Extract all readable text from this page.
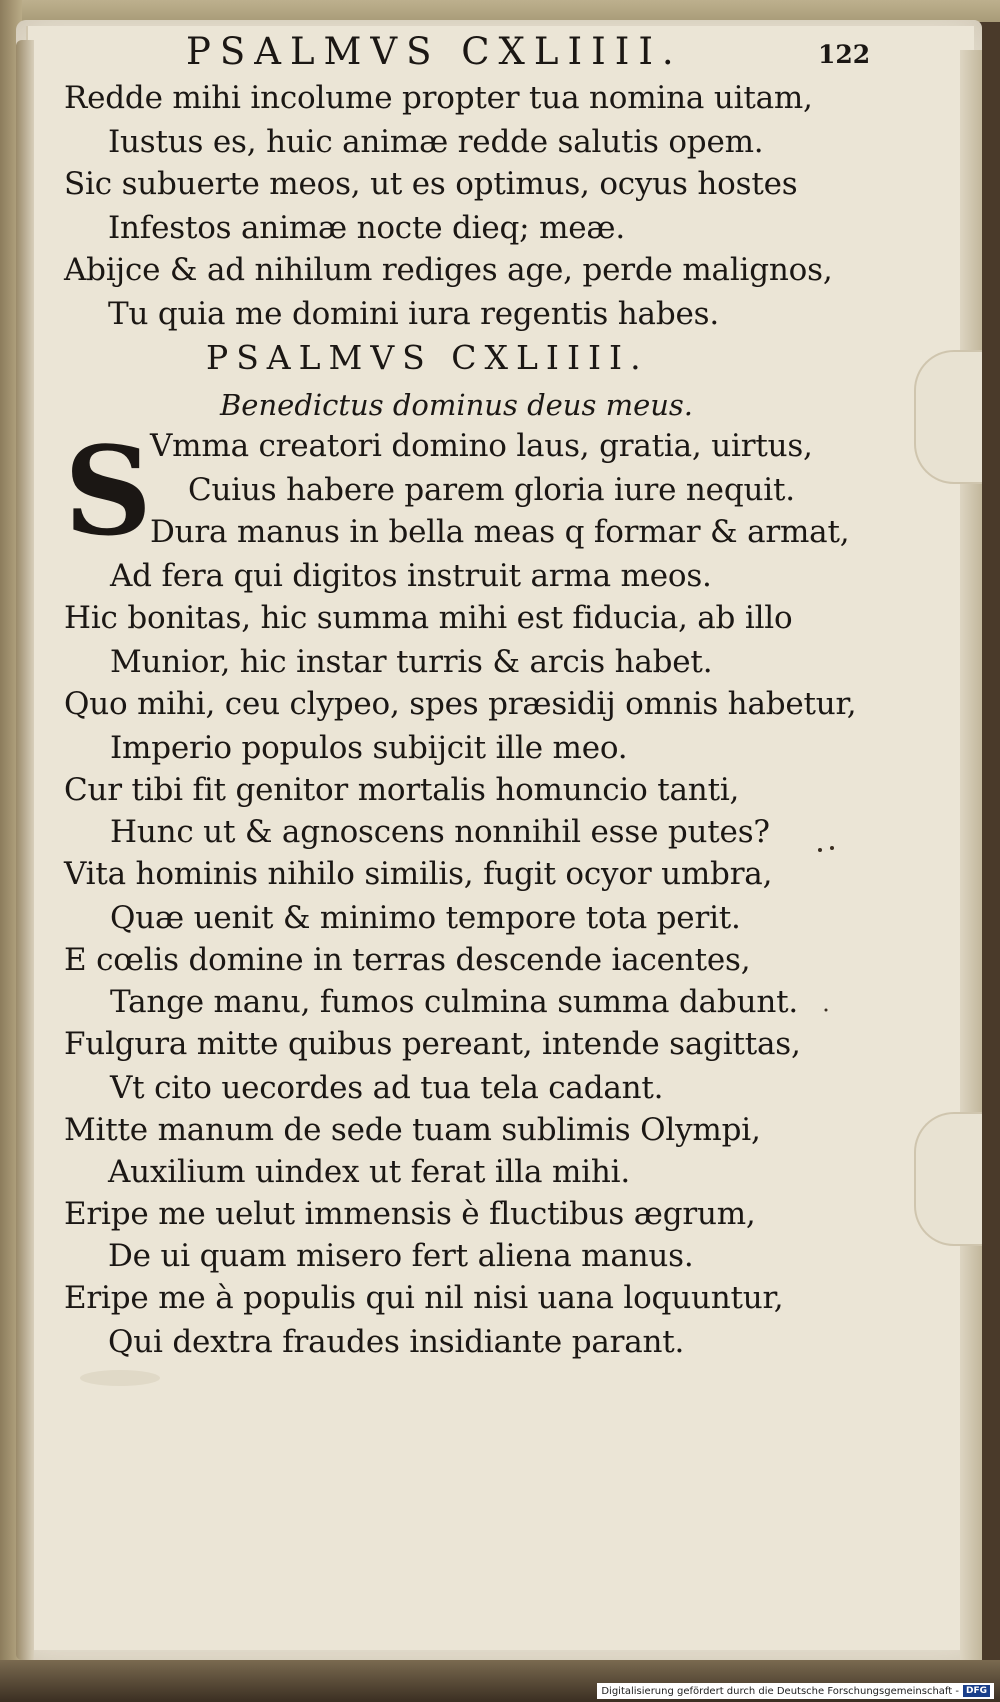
PSALMVS CXLIIII.	122
Redde mihi incolume propter tua nomina uitam,
Iustus es, huic animæ redde salutis opem.
Sic subuerte meos, ut es optimus, ocyus hostes
Infestos animæ nocte dieq; meæ.
Abijce & ad nihilum rediges age, perde malignos,
Tu quia me domini iura regentis habes.
PSALMVS CXLIIII.
Benedictus dominus deus meus.
S
Vmma creatori domino laus, gratia, uirtus,
Cuius habere parem gloria iure nequit.
Dura manus in bella meas q formar & armat,
Ad fera qui digitos instruit arma meos.
Hic bonitas, hic summa mihi est fiducia, ab illo
Munior, hic instar turris & arcis habet.
Quo mihi, ceu clypeo, spes præsidij omnis habetur,
Imperio populos subijcit ille meo.
Cur tibi fit genitor mortalis homuncio tanti,
Hunc ut & agnoscens nonnihil esse putes?
Vita hominis nihilo similis, fugit ocyor umbra,
Quæ uenit & minimo tempore tota perit.
E cœlis domine in terras descende iacentes,
Tange manu, fumos culmina summa dabunt.
Fulgura mitte quibus pereant, intende sagittas,
Vt cito uecordes ad tua tela cadant.
Mitte manum de sede tuam sublimis Olympi,
Auxilium uindex ut ferat illa mihi.
Eripe me uelut immensis è fluctibus ægrum,
De ui quam misero fert aliena manus.
Eripe me à populis qui nil nisi uana loquuntur,
Qui dextra fraudes insidiante parant.
Digitalisierung gefördert durch die Deutsche Forschungsgemeinschaft - DFG
